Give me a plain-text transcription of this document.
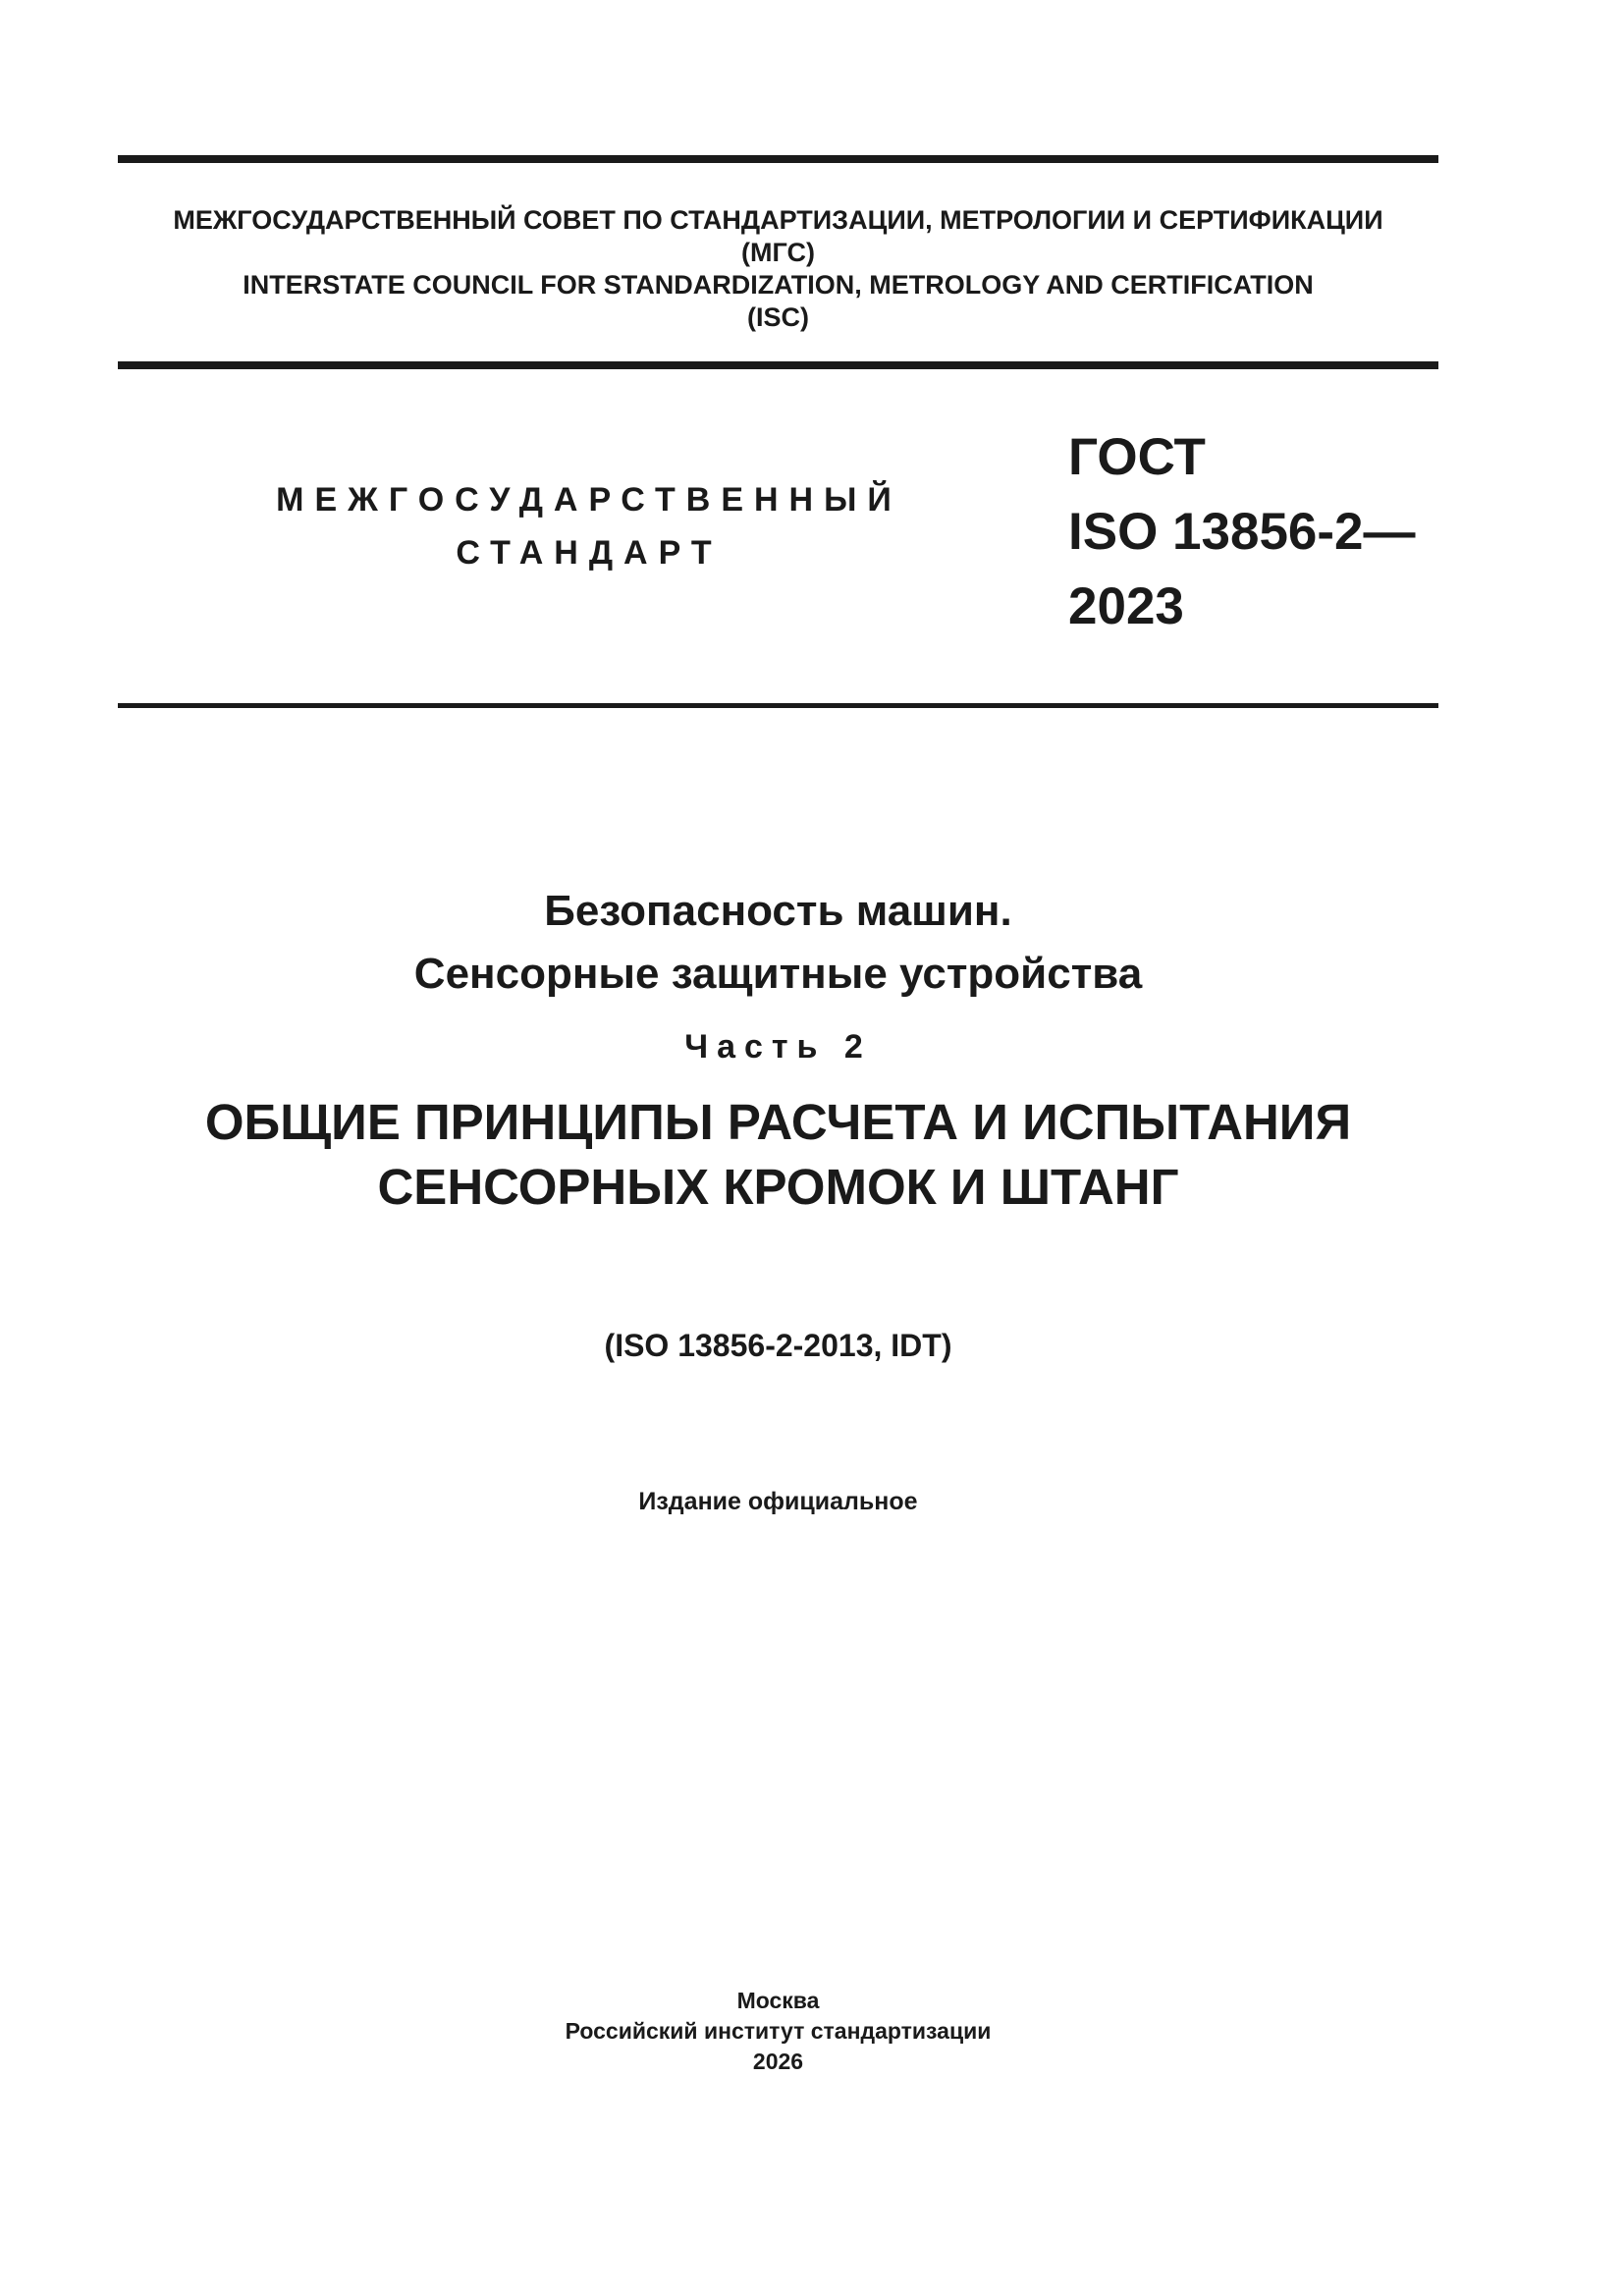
МЕЖГОСУДАРСТВЕННЫЙ СОВЕТ ПО СТАНДАРТИЗАЦИИ, МЕТРОЛОГИИ И СЕРТИФИКАЦИИ
(МГС)
INTERSTATE COUNCIL FOR STANDARDIZATION, METROLOGY AND CERTIFICATION
(ISC)
МЕЖГОСУДАРСТВЕННЫЙ
СТАНДАРТ
ГОСТ
ISO 13856-2—
2023
Безопасность машин.
Сенсорные защитные устройства
Часть 2
ОБЩИЕ ПРИНЦИПЫ РАСЧЕТА И ИСПЫТАНИЯ
СЕНСОРНЫХ КРОМОК И ШТАНГ
(ISO 13856-2-2013, IDT)
Издание официальное
Москва
Российский институт стандартизации
2026
